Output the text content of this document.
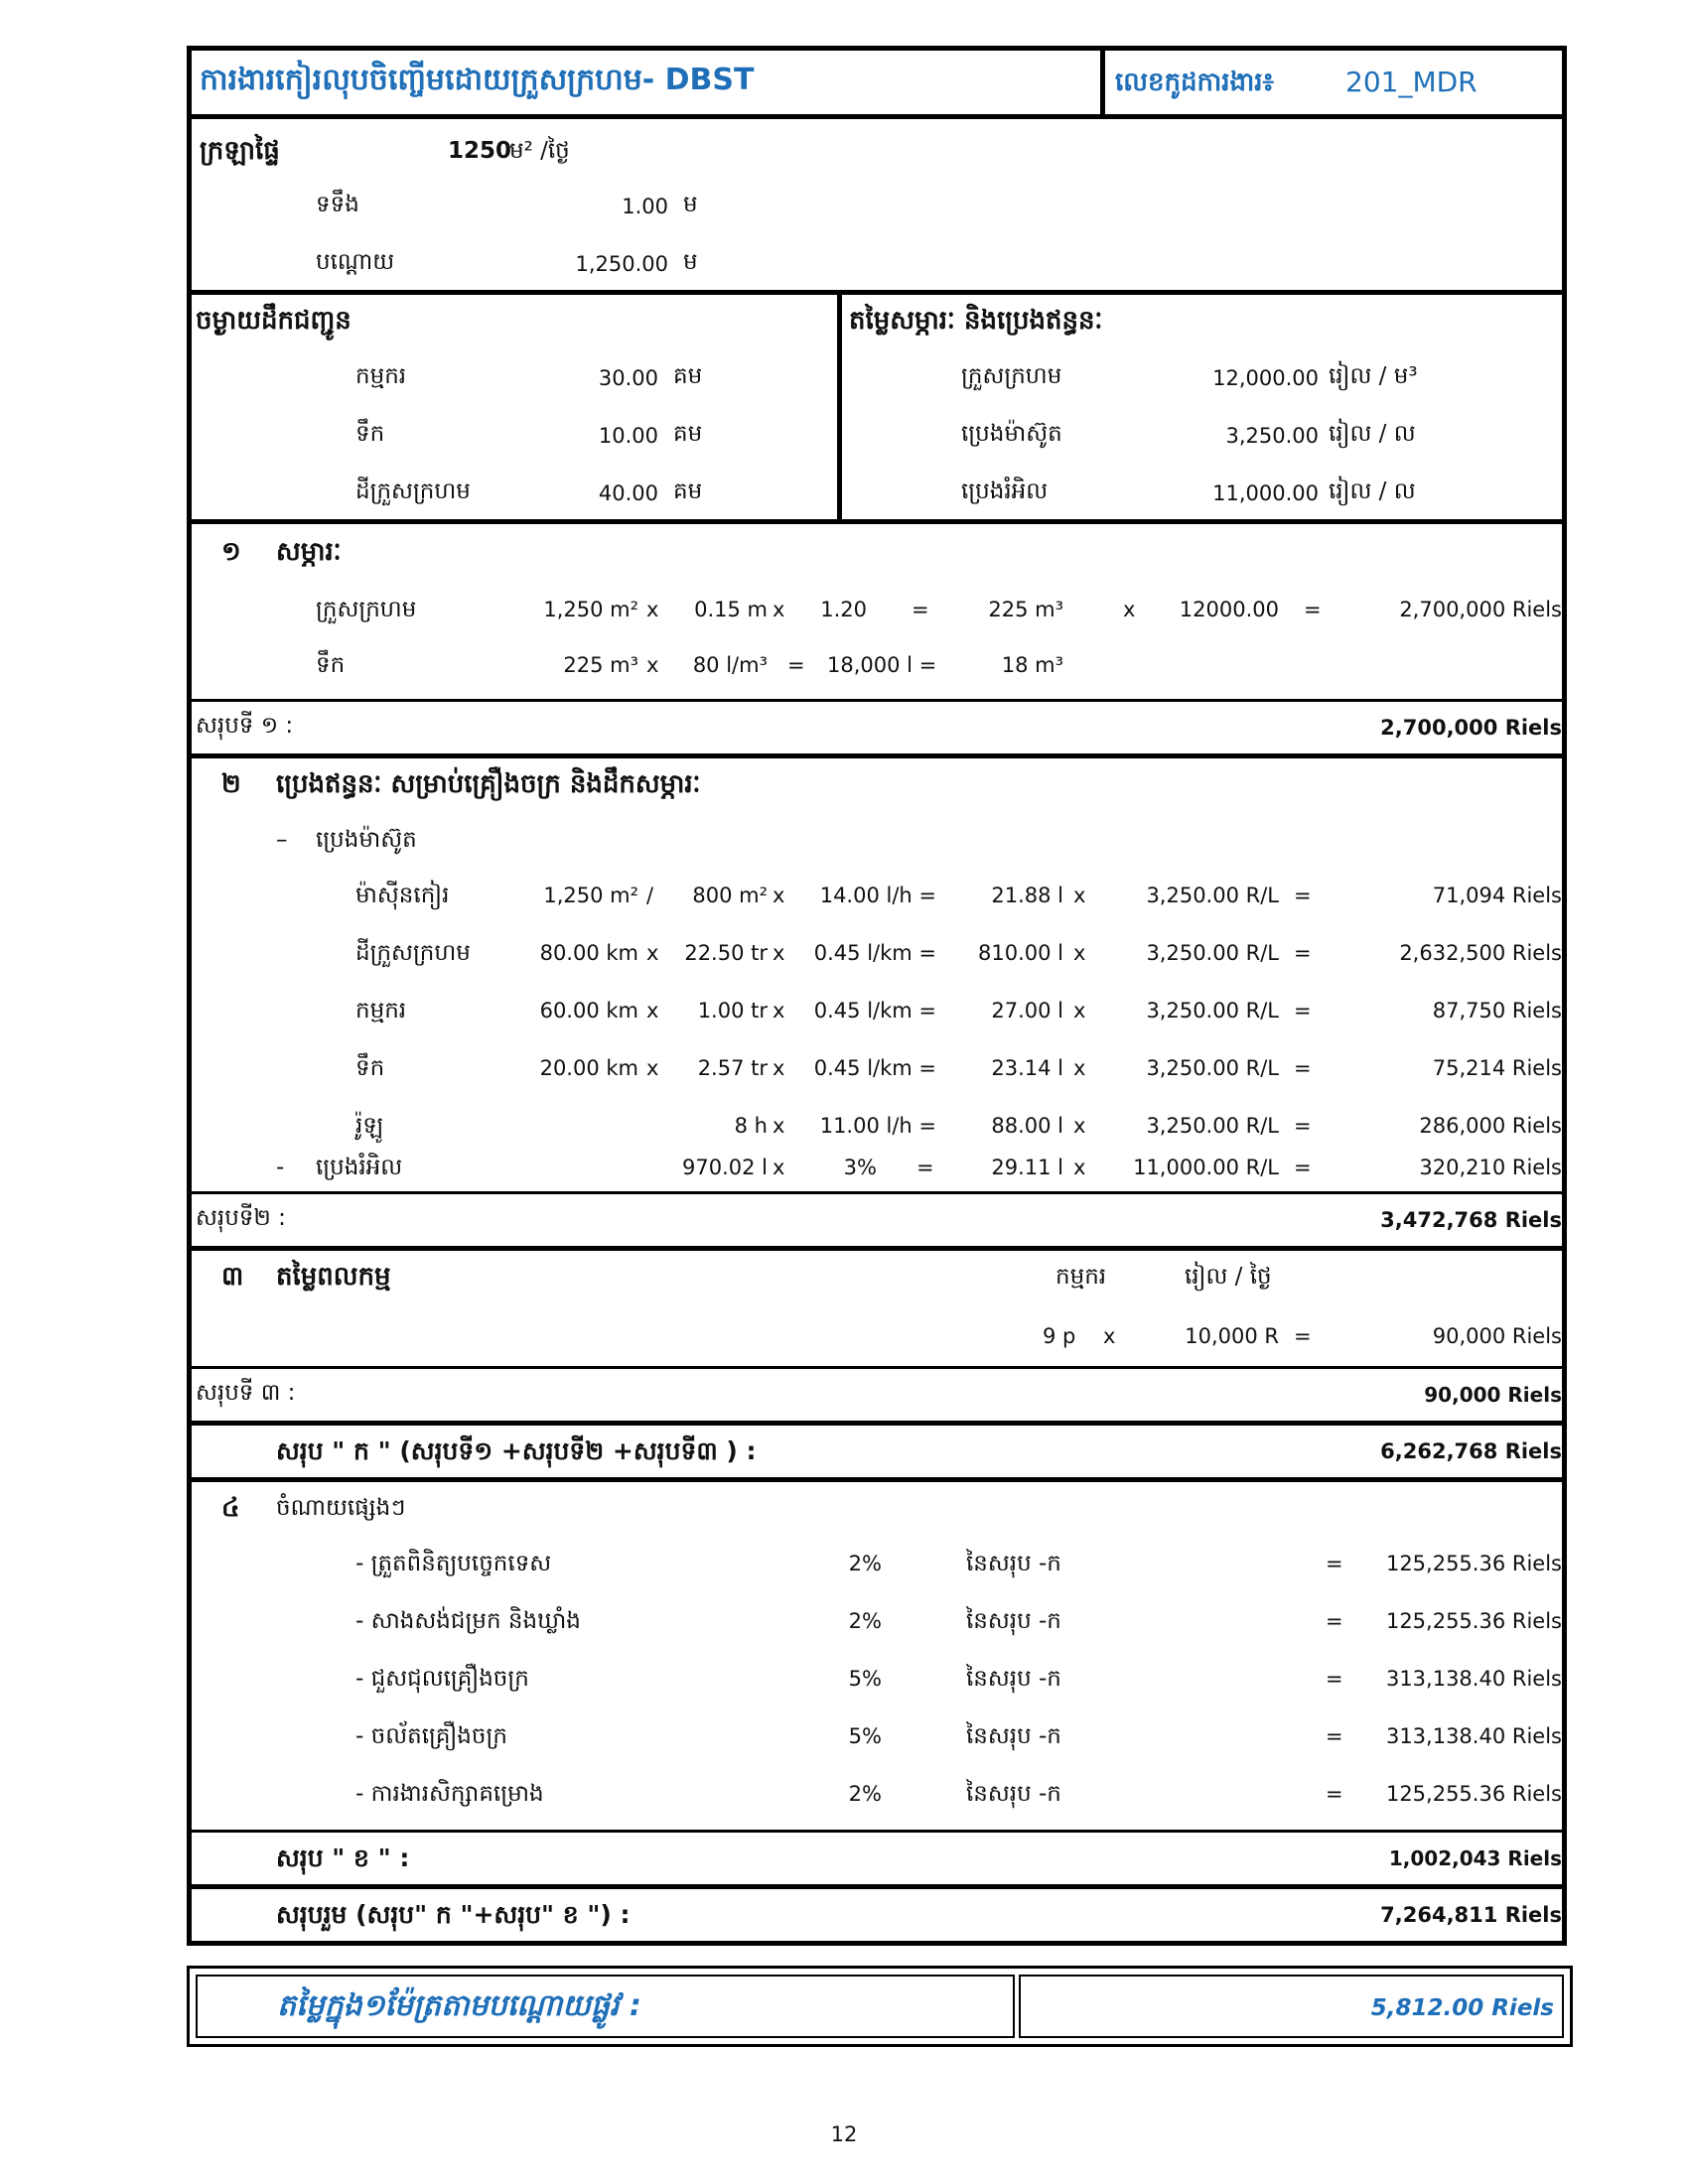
ការងារកៀរលុបចិញ្ចើមដោយក្រួសក្រហម- DBST	លេខកូដការងារ៖	201_MDR
ក្រឡាផ្ទៃ	1250
ម² /ថ្ងៃ
ទទឹង	1.00 ម
បណ្ដោយ	1,250.00 ម
ចម្ងាយដឹកជញ្ជូន
កម្មករ	30.00 គម
ទឹក	10.00 គម
ដីក្រួសក្រហម	40.00 គម
តម្លៃសម្ភារៈ និងប្រេងឥន្ធនៈ
ក្រួសក្រហម	12,000.00 រៀល / ម³
ប្រេងម៉ាស៊ូត	3,250.00 រៀល / ល
ប្រេងរំអិល	11,000.00 រៀល / ល
១ សម្ភារៈ
ក្រួសក្រហម	1,250 m² x	0.15 m x	1.20 =	225 m³	x	12000.00 =	2,700,000 Riels
ទឹក	225 m³ x	80 l/m³ = 18,000 l =	18 m³
សរុបទី ១ :	2,700,000 Riels
២ ប្រេងឥន្ធនៈ សម្រាប់គ្រឿងចក្រ និងដឹកសម្ភារៈ
– ប្រេងម៉ាស៊ូត
ម៉ាស៊ីនកៀរ	1,250 m² /	800 m² x	14.00 l/h =	21.88 l x	3,250.00 R/L =	71,094 Riels
ដីក្រួសក្រហម	80.00 km x	22.50 tr x	0.45 l/km = 810.00 l x	3,250.00 R/L =	2,632,500 Riels
កម្មករ	60.00 km x	1.00 tr x	0.45 l/km =	27.00 l x	3,250.00 R/L =	87,750 Riels
ទឹក	20.00 km x	2.57 tr x	0.45 l/km =	23.14 l x	3,250.00 R/L =	75,214 Riels
រ៉ូឡូ	8 h x	11.00 l/h =	88.00 l x	3,250.00 R/L =	286,000 Riels
- ប្រេងរំអិល	970.02 l x	3% =	29.11 l x	11,000.00 R/L =	320,210 Riels
សរុបទី២ :	3,472,768 Riels
៣ តម្លៃពលកម្ម	កម្មករ	រៀល / ថ្ងៃ
9 p x	10,000 R =	90,000 Riels
សរុបទី ៣ :	90,000 Riels
សរុប " ក " (សរុបទី១ +សរុបទី២ +សរុបទី៣ ) :	6,262,768 Riels
៤ ចំណាយផ្សេងៗ
- ត្រួតពិនិត្យបច្ចេកទេស	2%	នៃសរុប -ក	=	125,255.36 Riels
- សាងសង់ជម្រក និងឃ្លាំង	2%	នៃសរុប -ក	=	125,255.36 Riels
- ជួសជុលគ្រឿងចក្រ	5%	នៃសរុប -ក	=	313,138.40 Riels
- ចល័តគ្រឿងចក្រ	5%	នៃសរុប -ក	=	313,138.40 Riels
- ការងារសិក្សាគម្រោង	2%	នៃសរុប -ក	=	125,255.36 Riels
សរុប " ខ " :	1,002,043 Riels
សរុបរួម (សរុប" ក "+សរុប" ខ ") :	7,264,811 Riels
តម្លៃក្នុង១ម៉ែត្រតាមបណ្ដោយផ្លូវ :	5,812.00 Riels
12
